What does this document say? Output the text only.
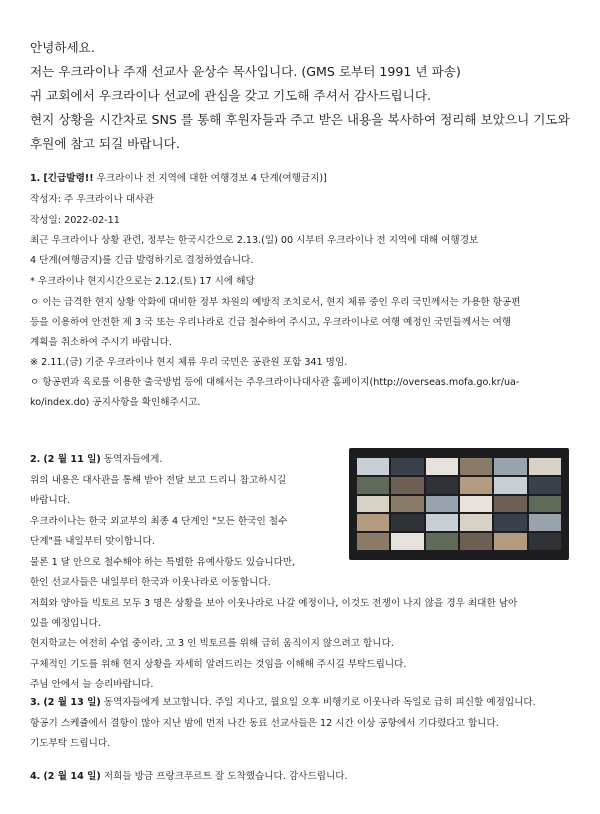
안녕하세요.

저는 우크라이나 주재 선교사 윤상수 목사입니다. (GMS 로부터 1991 년 파송)

귀 교회에서 우크라이나 선교에 관심을 갖고 기도해 주셔서 감사드립니다.

현지 상황을 시간차로 SNS 를 통해 후원자들과 주고 받은 내용을 복사하여 정리해 보았으니 기도와

후원에 참고 되길 바랍니다.

1. [긴급발령!! 우크라이나 전 지역에 대한 여행경보 4 단계(여행금지)]

작성자: 주 우크라이나 대사관

작성일: 2022-02-11

최근 우크라이나 상황 관련, 정부는 한국시간으로 2.13.(일) 00 시부터 우크라이나 전 지역에 대해 여행경보

4 단계(여행금지)를 긴급 발령하기로 결정하였습니다.

* 우크라이나 현지시간으로는 2.12.(토) 17 시에 해당

ㅇ 이는 급격한 현지 상황 악화에 대비한 정부 차원의 예방적 조치로서, 현지 체류 중인 우리 국민께서는 가용한 항공편

등을 이용하여 안전한 제 3 국 또는 우리나라로 긴급 철수하여 주시고, 우크라이나로 여행 예정인 국민들께서는 여행

계획을 취소하여 주시기 바랍니다.

※ 2.11.(금) 기준 우크라이나 현지 체류 우리 국민은 공관원 포함 341 명임.

ㅇ 항공편과 육로를 이용한 출국방법 등에 대해서는 주우크라이나대사관 홈페이지(http://overseas.mofa.go.kr/ua-

ko/index.do) 공지사항을 확인해주시고.

2. (2 월 11 일) 동역자들에게.

위의 내용은 대사관을 통해 받아 전달 보고 드리니 참고하시길

바랍니다.

우크라이나는 한국 외교부의 최종 4 단계인 "모든 한국인 철수

단계"를 내일부터 맞이합니다.

물론 1 달 안으로 철수해야 하는 특별한 유예사항도 있습니다만,

한인 선교사들은 내일부터 한국과 이웃나라로 이동합니다.

저희와 양아들 빅토르 모두 3 명은 상황을 보아 이웃나라로 나갈 예정이나, 이것도 전쟁이 나지 않을 경우 최대한 남아

있을 예정입니다.

현지학교는 여전히 수업 중이라, 고 3 인 빅토르를 위해 급히 움직이지 않으려고 합니다.

구체적인 기도를 위해 현지 상황을 자세히 알려드리는 것임을 이해해 주시길 부탁드립니다.

주님 안에서 늘 승리바랍니다.

3. (2 월 13 일) 동역자들에게 보고합니다. 주일 지나고, 월요일 오후 비행기로 이웃나라 독일로 급히 피신할 예정입니다.

항공기 스케쥴에서 결항이 많아 지난 밤에 먼저 나간 동료 선교사들은 12 시간 이상 공항에서 기다렸다고 합니다.

기도부탁 드립니다.

4. (2 월 14 일) 저희들 방금 프랑크푸르트 잘 도착했습니다. 감사드립니다.
